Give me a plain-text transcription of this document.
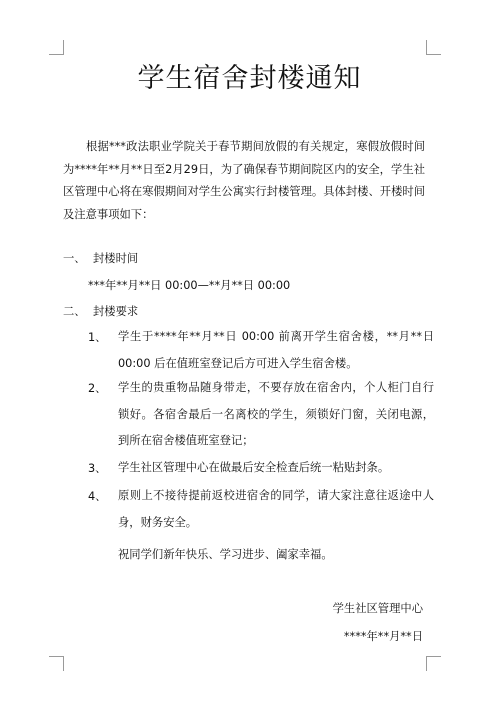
学生宿舍封楼通知

根据***政法职业学院关于春节期间放假的有关规定，寒假放假时间为****年**月**日至2月29日，为了确保春节期间院区内的安全，学生社区管理中心将在寒假期间对学生公寓实行封楼管理。具体封楼、开楼时间及注意事项如下：

一、 封楼时间
***年**月**日 00:00—**月**日 00:00
二、 封楼要求
1、 学生于****年**月**日 00:00 前离开学生宿舍楼，**月**日 00:00 后在值班室登记后方可进入学生宿舍楼。

2、 学生的贵重物品随身带走，不要存放在宿舍内，个人柜门自行锁好。各宿舍最后一名离校的学生，须锁好门窗，关闭电源，到所在宿舍楼值班室登记；

3、 学生社区管理中心在做最后安全检查后统一粘贴封条。

4、 原则上不接待提前返校进宿舍的同学，请大家注意往返途中人身，财务安全。

祝同学们新年快乐、学习进步、阖家幸福。
学生社区管理中心
****年**月**日
